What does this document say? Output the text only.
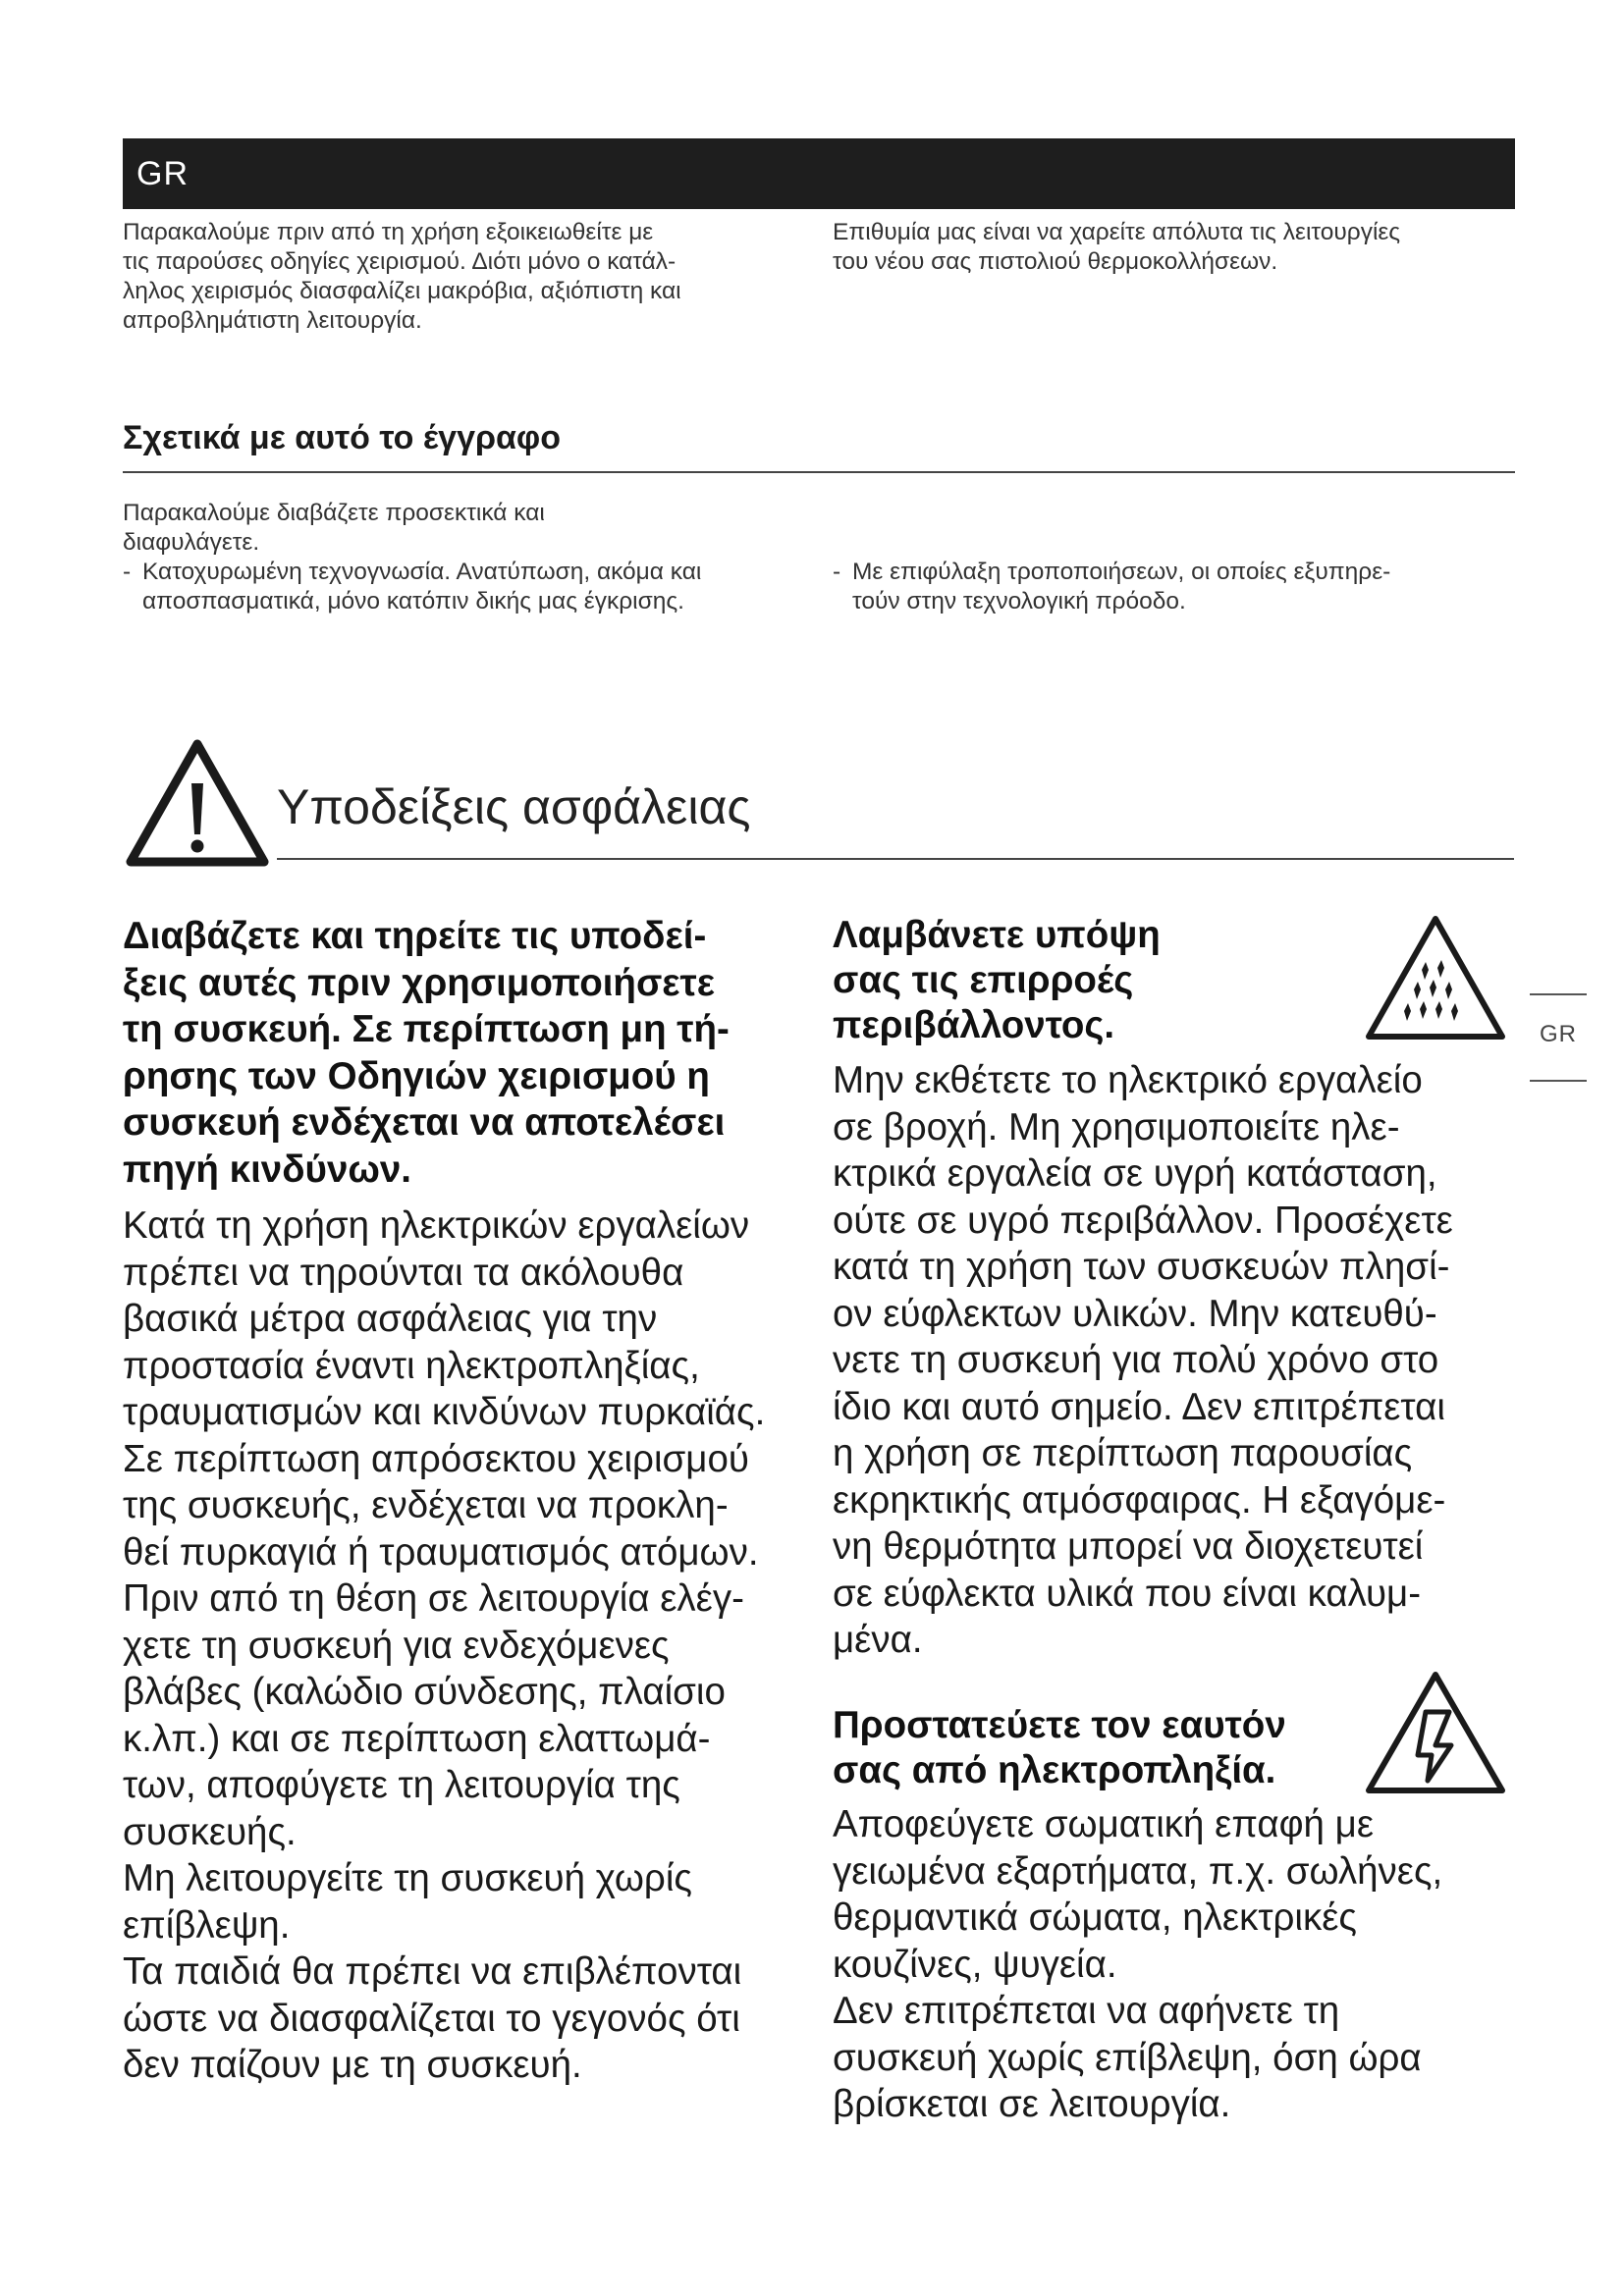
GR
Παρακαλούμε πριν από τη χρήση εξοικειωθείτε με
τις παρούσες οδηγίες χειρισμού. Διότι μόνο ο κατάλ-
ληλος χειρισμός διασφαλίζει μακρόβια, αξιόπιστη και
απροβλημάτιστη λειτουργία.
Επιθυμία μας είναι να χαρείτε απόλυτα τις λειτουργίες
του νέου σας πιστολιού θερμοκολλήσεων.
Σχετικά με αυτό το έγγραφο
Παρακαλούμε διαβάζετε προσεκτικά και
διαφυλάγετε.
- Κατοχυρωμένη τεχνογνωσία. Ανατύπωση, ακόμα και
αποσπασματικά, μόνο κατόπιν δικής μας έγκρισης.
- Με επιφύλαξη τροποποιήσεων, οι οποίες εξυπηρε-
τούν στην τεχνολογική πρόοδο.
Υποδείξεις ασφάλειας
Διαβάζετε και τηρείτε τις υποδεί-
ξεις αυτές πριν χρησιμοποιήσετε
τη συσκευή. Σε περίπτωση μη τή-
ρησης των Οδηγιών χειρισμού η
συσκευή ενδέχεται να αποτελέσει
πηγή κινδύνων.
Κατά τη χρήση ηλεκτρικών εργαλείων
πρέπει να τηρούνται τα ακόλουθα
βασικά μέτρα ασφάλειας για την
προστασία έναντι ηλεκτροπληξίας,
τραυματισμών και κινδύνων πυρκαϊάς.
Σε περίπτωση απρόσεκτου χειρισμού
της συσκευής, ενδέχεται να προκλη-
θεί πυρκαγιά ή τραυματισμός ατόμων.
Πριν από τη θέση σε λειτουργία ελέγ-
χετε τη συσκευή για ενδεχόμενες
βλάβες (καλώδιο σύνδεσης, πλαίσιο
κ.λπ.) και σε περίπτωση ελαττωμά-
των, αποφύγετε τη λειτουργία της
συσκευής.
Μη λειτουργείτε τη συσκευή χωρίς
επίβλεψη.
Τα παιδιά θα πρέπει να επιβλέπονται
ώστε να διασφαλίζεται το γεγονός ότι
δεν παίζουν με τη συσκευή.
Λαμβάνετε υπόψη
σας τις επιρροές
περιβάλλοντος.
Μην εκθέτετε το ηλεκτρικό εργαλείο
σε βροχή. Μη χρησιμοποιείτε ηλε-
κτρικά εργαλεία σε υγρή κατάσταση,
ούτε σε υγρό περιβάλλον. Προσέχετε
κατά τη χρήση των συσκευών πλησί-
ον εύφλεκτων υλικών. Μην κατευθύ-
νετε τη συσκευή για πολύ χρόνο στο
ίδιο και αυτό σημείο. Δεν επιτρέπεται
η χρήση σε περίπτωση παρουσίας
εκρηκτικής ατμόσφαιρας. Η εξαγόμε-
νη θερμότητα μπορεί να διοχετευτεί
σε εύφλεκτα υλικά που είναι καλυμ-
μένα.
Προστατεύετε τον εαυτόν
σας από ηλεκτροπληξία.
Αποφεύγετε σωματική επαφή με
γειωμένα εξαρτήματα, π.χ. σωλήνες,
θερμαντικά σώματα, ηλεκτρικές
κουζίνες, ψυγεία.
Δεν επιτρέπεται να αφήνετε τη
συσκευή χωρίς επίβλεψη, όση ώρα
βρίσκεται σε λειτουργία.
GR
